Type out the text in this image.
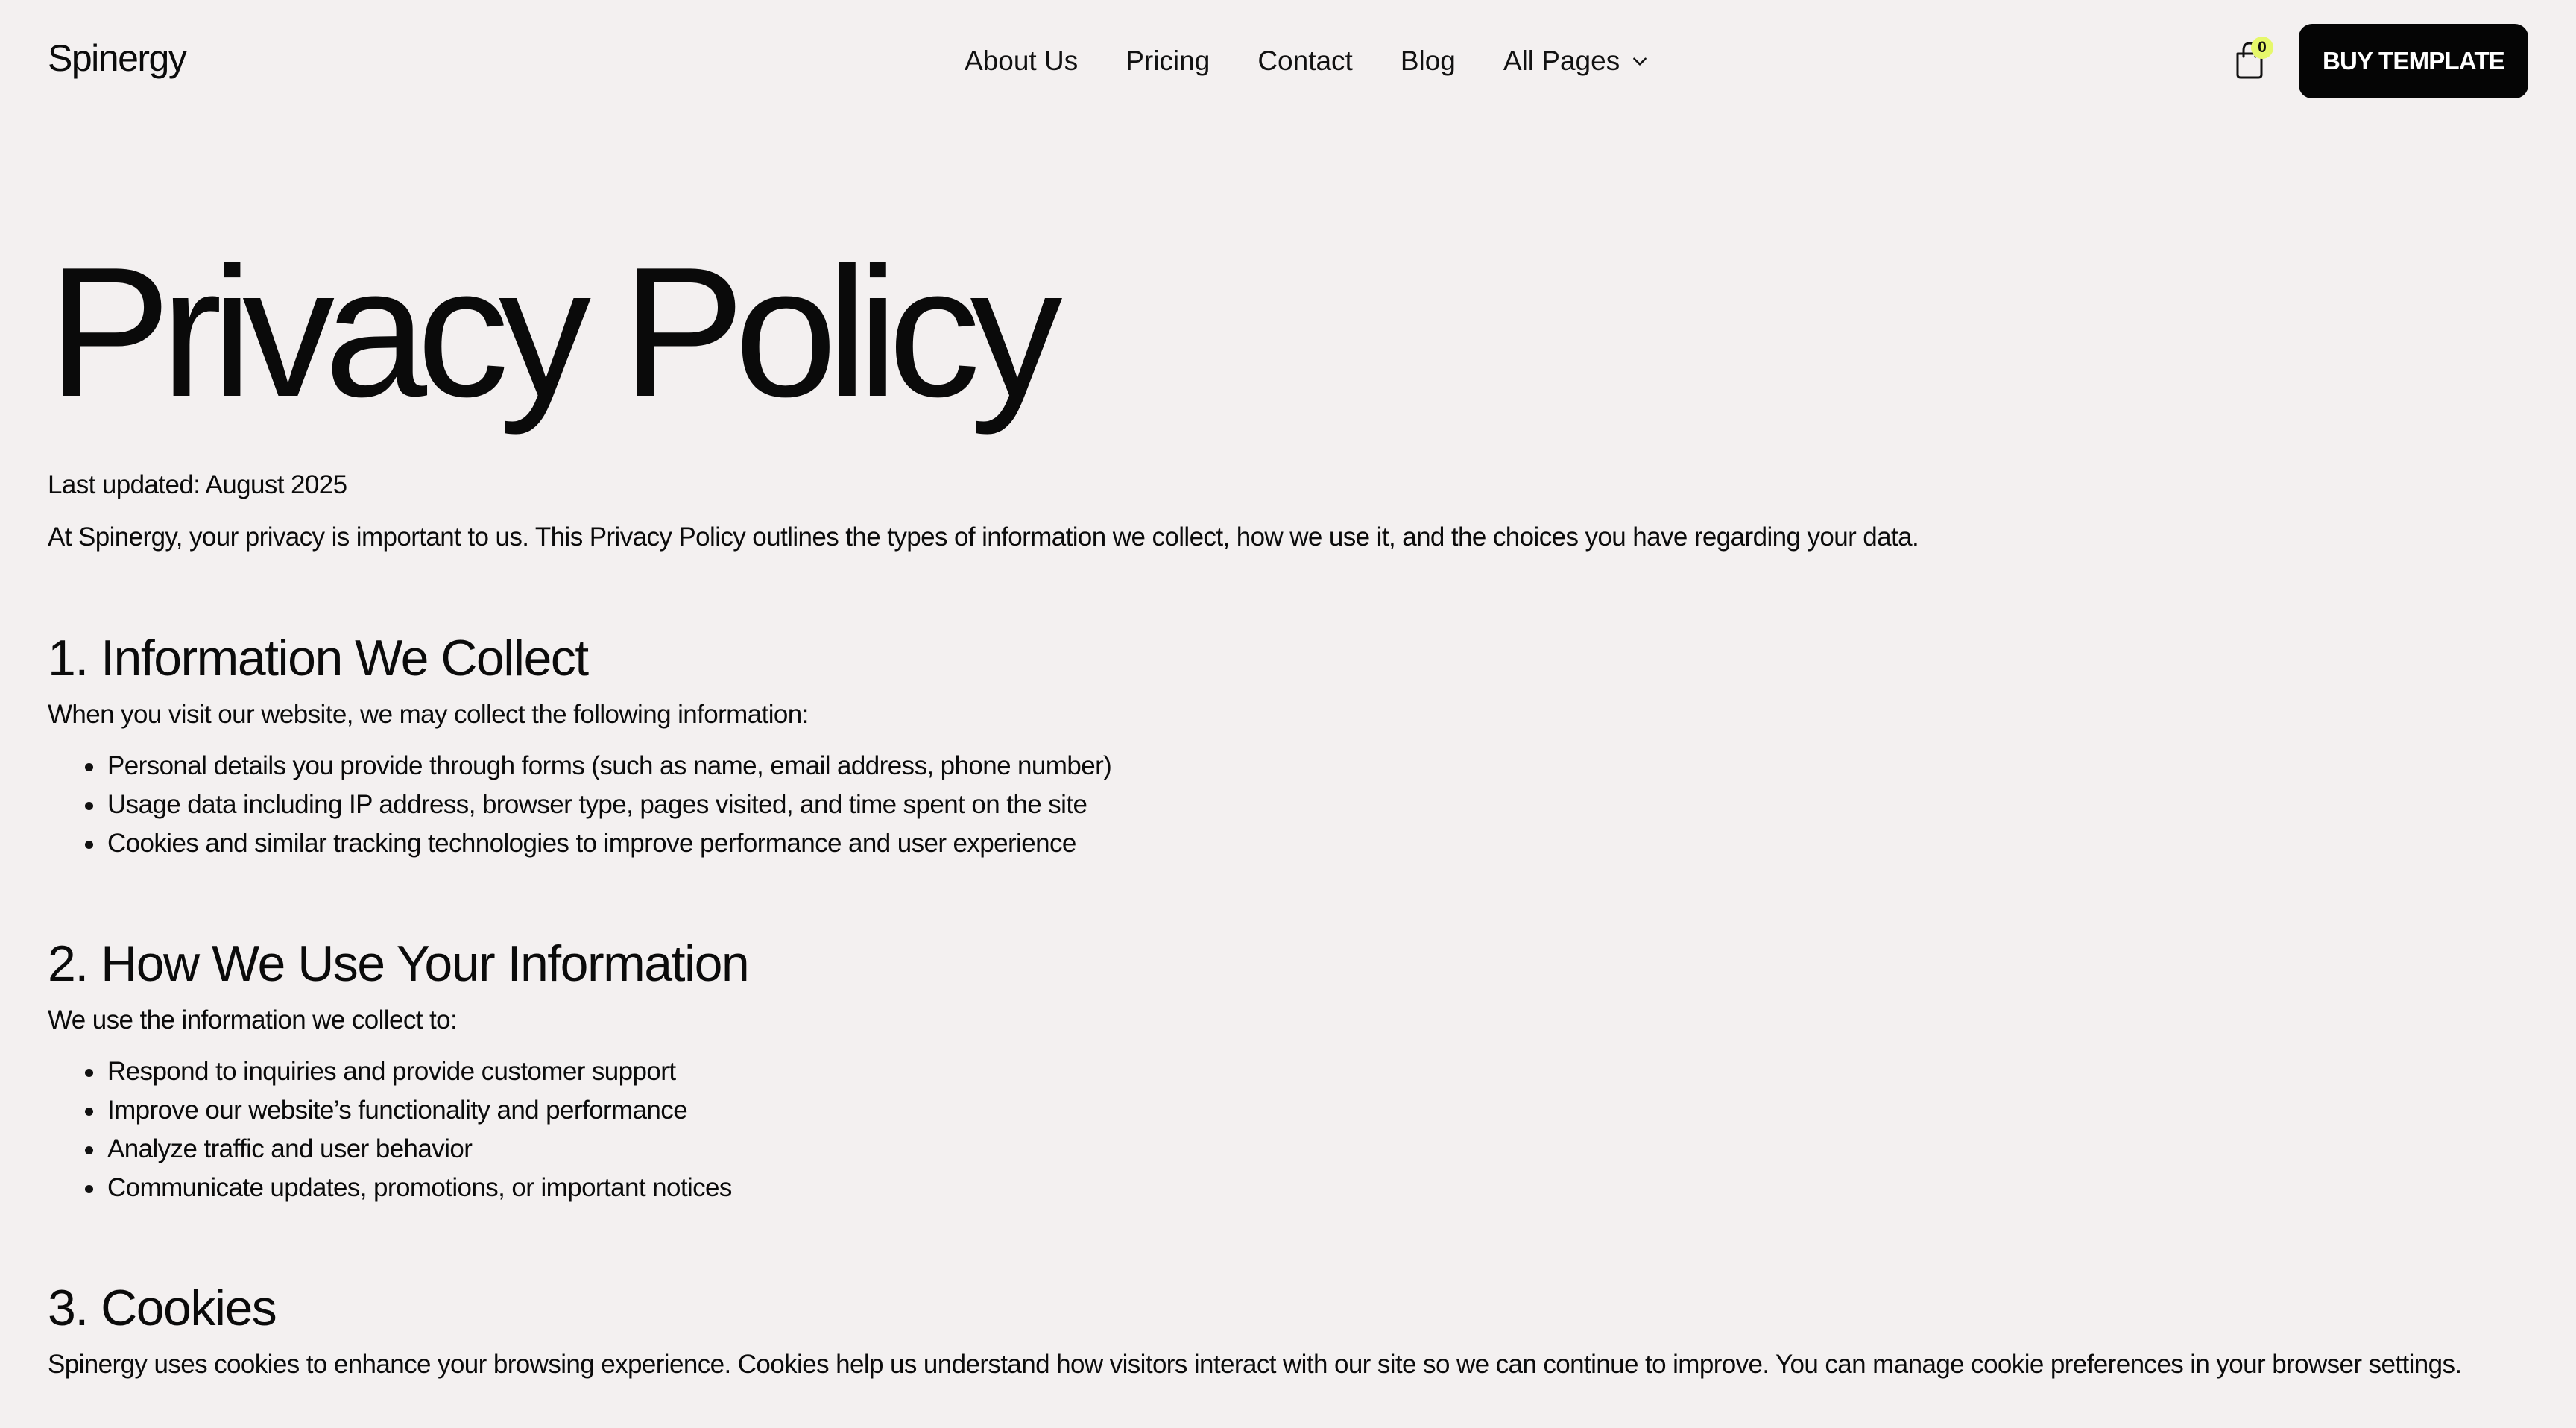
Spinergy	About Us Pricing Contact Blog All Pages	0	BUY TEMPLATE
Privacy Policy
Last updated: August 2025
At Spinergy, your privacy is important to us. This Privacy Policy outlines the types of information we collect, how we use it, and the choices you have regarding your data.
1. Information We Collect
When you visit our website, we may collect the following information:
Personal details you provide through forms (such as name, email address, phone number)
Usage data including IP address, browser type, pages visited, and time spent on the site
Cookies and similar tracking technologies to improve performance and user experience
2. How We Use Your Information
We use the information we collect to:
Respond to inquiries and provide customer support
Improve our website’s functionality and performance
Analyze traffic and user behavior
Communicate updates, promotions, or important notices
3. Cookies
Spinergy uses cookies to enhance your browsing experience. Cookies help us understand how visitors interact with our site so we can continue to improve. You can manage cookie preferences in your browser settings.
